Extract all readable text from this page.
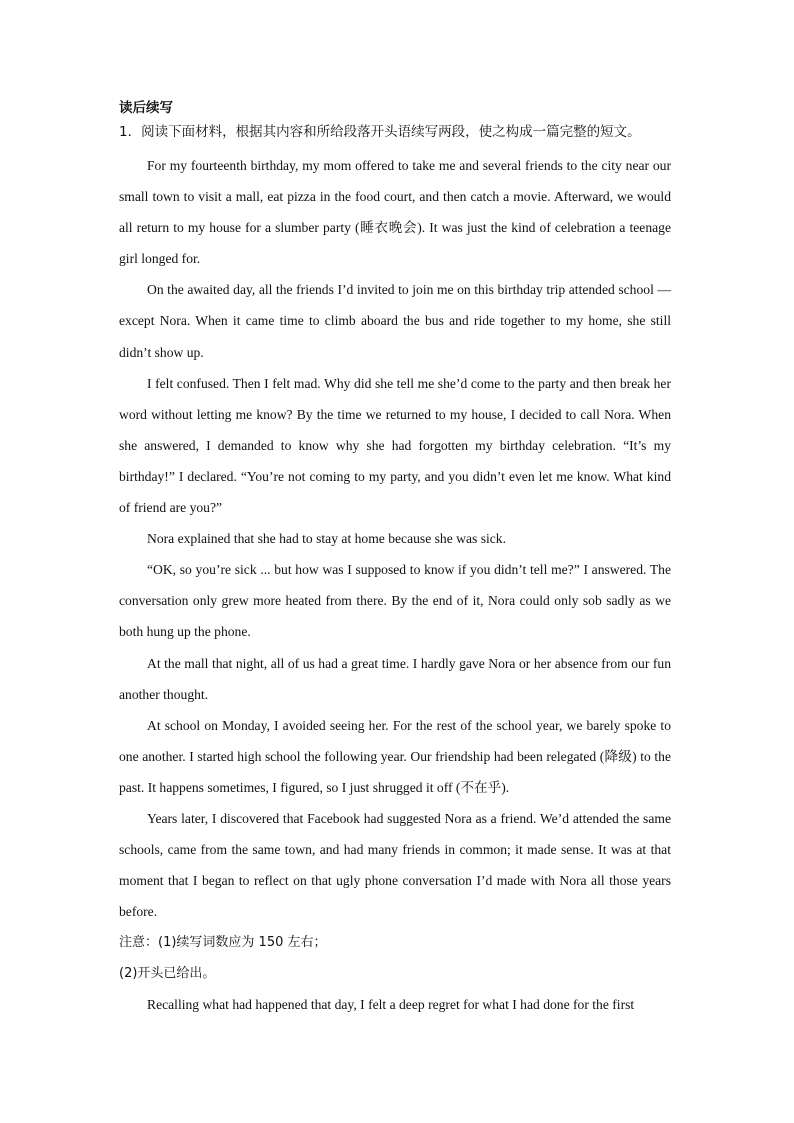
读后续写

1．阅读下面材料，根据其内容和所给段落开头语续写两段，使之构成一篇完整的短文。

For my fourteenth birthday, my mom offered to take me and several friends to the city near our small town to visit a mall, eat pizza in the food court, and then catch a movie. Afterward, we would all return to my house for a slumber party (睡衣晚会). It was just the kind of celebration a teenage girl longed for.

On the awaited day, all the friends I’d invited to join me on this birthday trip attended school — except Nora. When it came time to climb aboard the bus and ride together to my home, she still didn’t show up.

I felt confused. Then I felt mad. Why did she tell me she’d come to the party and then break her word without letting me know? By the time we returned to my house, I decided to call Nora. When she answered, I demanded to know why she had forgotten my birthday celebration. “It’s my birthday!” I declared. “You’re not coming to my party, and you didn’t even let me know. What kind of friend are you?”

Nora explained that she had to stay at home because she was sick.

“OK, so you’re sick ... but how was I supposed to know if you didn’t tell me?” I answered. The conversation only grew more heated from there. By the end of it, Nora could only sob sadly as we both hung up the phone.

At the mall that night, all of us had a great time. I hardly gave Nora or her absence from our fun another thought.

At school on Monday, I avoided seeing her. For the rest of the school year, we barely spoke to one another. I started high school the following year. Our friendship had been relegated (降级) to the past. It happens sometimes, I figured, so I just shrugged it off (不在乎).

Years later, I discovered that Facebook had suggested Nora as a friend. We’d attended the same schools, came from the same town, and had many friends in common; it made sense. It was at that moment that I began to reflect on that ugly phone conversation I’d made with Nora all those years before.

注意：(1)续写词数应为 150 左右；

(2)开头已给出。

Recalling what had happened that day, I felt a deep regret for what I had done for the first
